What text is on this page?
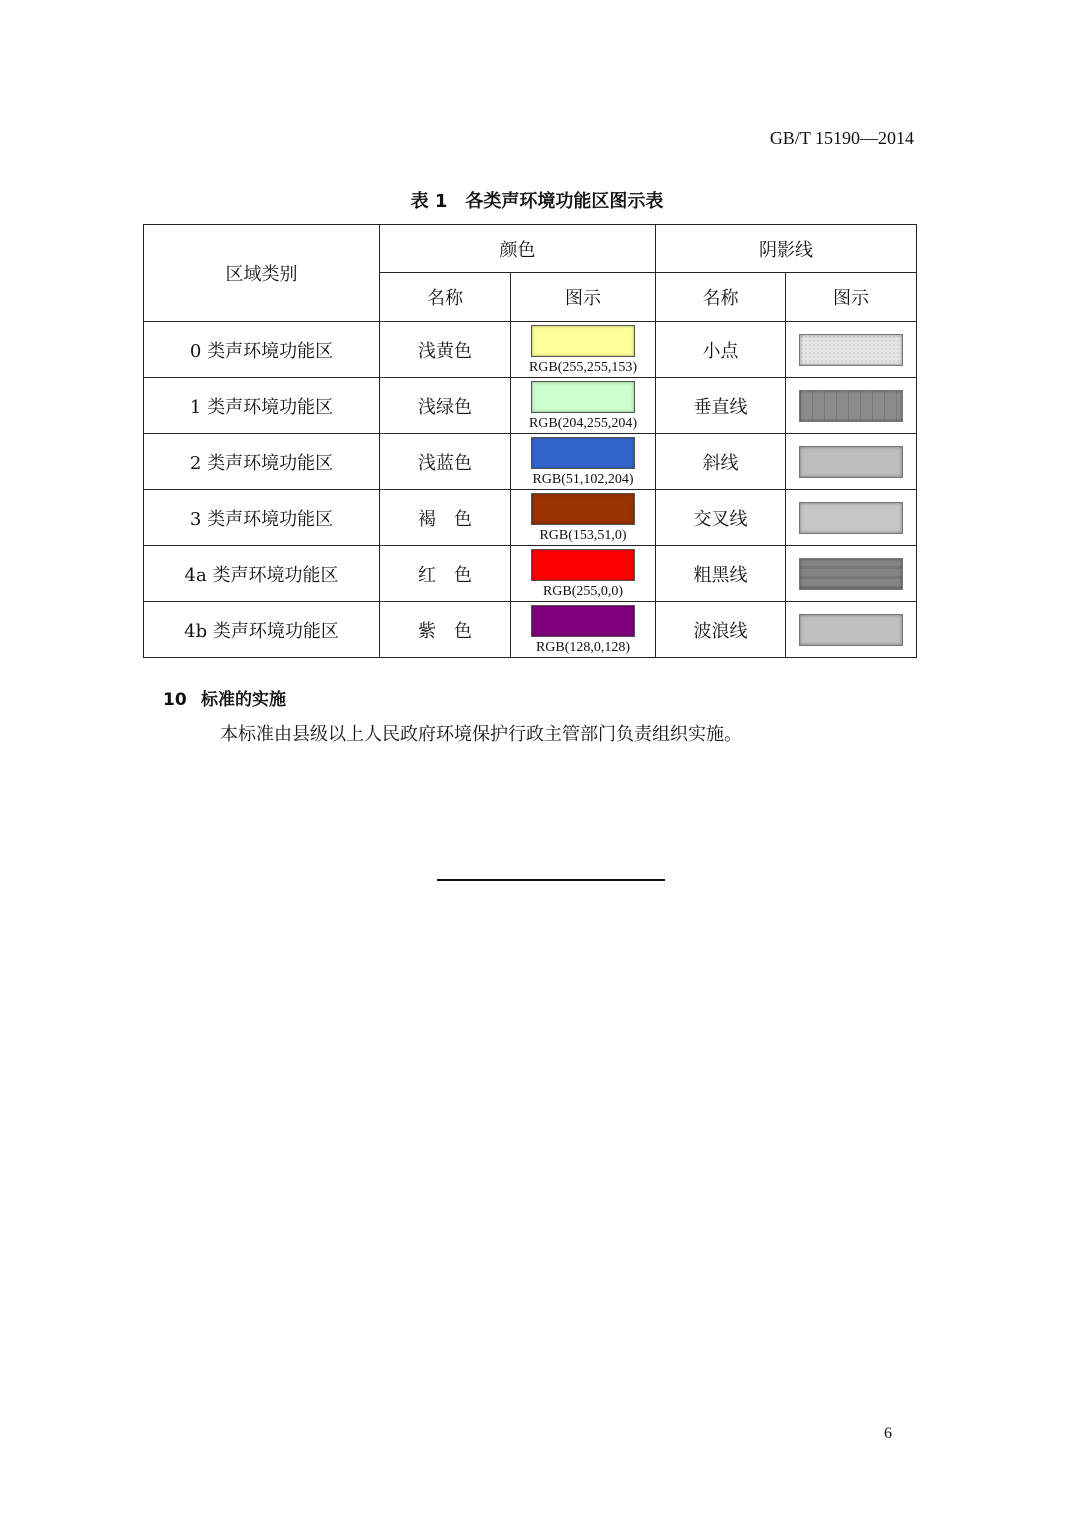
GB/T 15190—2014
表 1　各类声环境功能区图示表
区域类别	颜色		阴影线	
	名称	图示	名称	图示
0 类声环境功能区	浅黄色	RGB(255,255,153)	小点	

1 类声环境功能区	浅绿色	RGB(204,255,204)	垂直线	

2 类声环境功能区	浅蓝色	RGB(51,102,204)	斜线	

3 类声环境功能区	褐　色	RGB(153,51,0)	交叉线	

4a 类声环境功能区	红　色	RGB(255,0,0)	粗黑线	

4b 类声环境功能区	紫　色	RGB(128,0,128)	波浪线	
10 标准的实施
本标准由县级以上人民政府环境保护行政主管部门负责组织实施。
6
